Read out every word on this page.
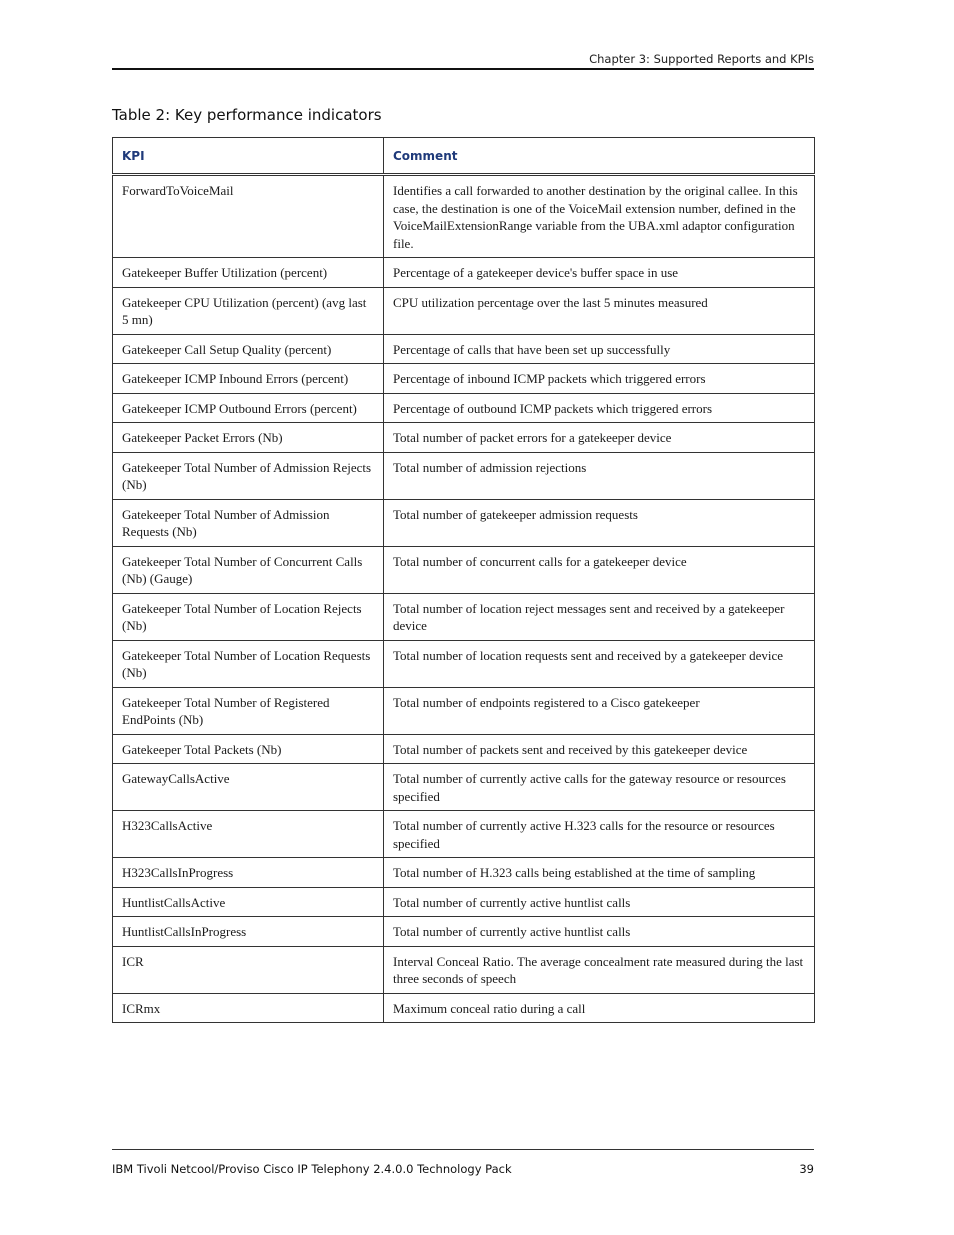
Chapter 3: Supported Reports and KPIs
Table 2: Key performance indicators
KPI	Comment
ForwardToVoiceMail	Identifies a call forwarded to another destination by the original callee. In this case, the destination is one of the VoiceMail extension number, defined in the VoiceMailExtensionRange variable from the UBA.xml adaptor configuration file.
Gatekeeper Buffer Utilization (percent)	Percentage of a gatekeeper device's buffer space in use
Gatekeeper CPU Utilization (percent) (avg last 5 mn)	CPU utilization percentage over the last 5 minutes measured
Gatekeeper Call Setup Quality (percent)	Percentage of calls that have been set up successfully
Gatekeeper ICMP Inbound Errors (percent)	Percentage of inbound ICMP packets which triggered errors
Gatekeeper ICMP Outbound Errors (percent)	Percentage of outbound ICMP packets which triggered errors
Gatekeeper Packet Errors (Nb)	Total number of packet errors for a gatekeeper device
Gatekeeper Total Number of Admission Rejects (Nb)	Total number of admission rejections
Gatekeeper Total Number of Admission Requests (Nb)	Total number of gatekeeper admission requests
Gatekeeper Total Number of Concurrent Calls (Nb) (Gauge)	Total number of concurrent calls for a gatekeeper device
Gatekeeper Total Number of Location Rejects (Nb)	Total number of location reject messages sent and received by a gatekeeper device
Gatekeeper Total Number of Location Requests (Nb)	Total number of location requests sent and received by a gatekeeper device
Gatekeeper Total Number of Registered EndPoints (Nb)	Total number of endpoints registered to a Cisco gatekeeper
Gatekeeper Total Packets (Nb)	Total number of packets sent and received by this gatekeeper device
GatewayCallsActive	Total number of currently active calls for the gateway resource or resources specified
H323CallsActive	Total number of currently active H.323 calls for the resource or resources specified
H323CallsInProgress	Total number of H.323 calls being established at the time of sampling
HuntlistCallsActive	Total number of currently active huntlist calls
HuntlistCallsInProgress	Total number of currently active huntlist calls
ICR	Interval Conceal Ratio. The average concealment rate measured during the last three seconds of speech
ICRmx	Maximum conceal ratio during a call
IBM Tivoli Netcool/Proviso Cisco IP Telephony 2.4.0.0 Technology Pack	39
